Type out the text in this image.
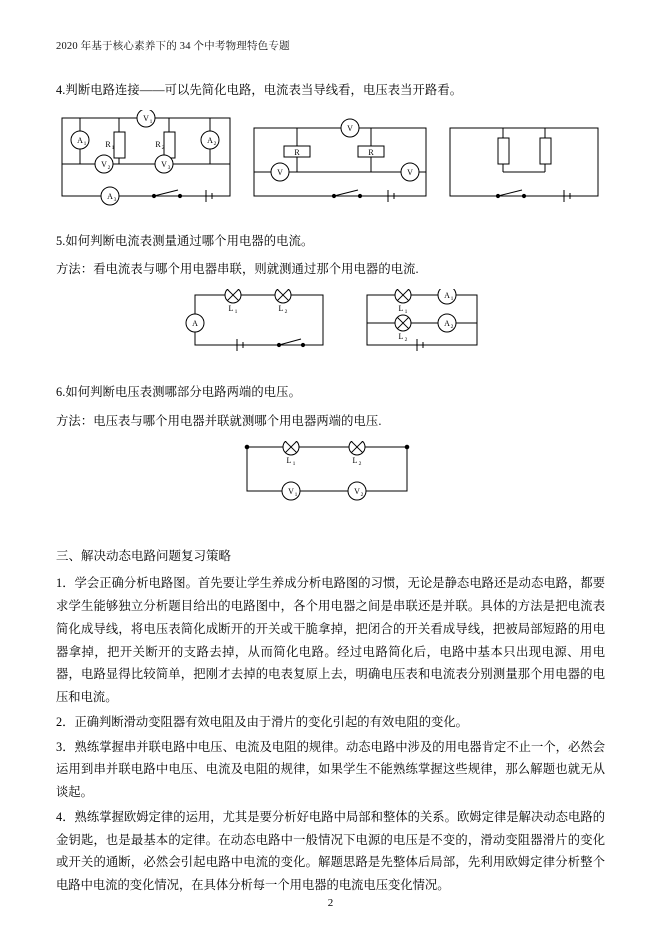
2020 年基于核心素养下的 34 个中考物理特色专题

4.判断电路连接——可以先简化电路，电流表当导线看，电压表当开路看。

A 1
V 1
V 2	V 3
A 2
A 3
R 1	R 2
V
V	V
R	R

5.如何判断电流表测量通过哪个用电器的电流。

方法：看电流表与哪个用电器串联，则就测通过那个用电器的电流.

L 1	L 2
A
A 1
A 2
L 1
L 2

6.如何判断电压表测哪部分电路两端的电压。

方法：电压表与哪个用电器并联就测哪个用电器两端的电压.

L 1	L 2
V 1	V 2

三、解决动态电路问题复习策略

1．学会正确分析电路图。首先要让学生养成分析电路图的习惯，无论是静态电路还是动态电路，都要求学生能够独立分析题目给出的电路图中，各个用电器之间是串联还是并联。具体的方法是把电流表简化成导线，将电压表简化成断开的开关或干脆拿掉，把闭合的开关看成导线，把被局部短路的用电器拿掉，把开关断开的支路去掉，从而简化电路。经过电路简化后，电路中基本只出现电源、用电器，电路显得比较简单，把刚才去掉的电表复原上去，明确电压表和电流表分别测量那个用电器的电压和电流。

2．正确判断滑动变阻器有效电阻及由于滑片的变化引起的有效电阻的变化。

3．熟练掌握串并联电路中电压、电流及电阻的规律。动态电路中涉及的用电器肯定不止一个，必然会运用到串并联电路中电压、电流及电阻的规律，如果学生不能熟练掌握这些规律，那么解题也就无从谈起。

4．熟练掌握欧姆定律的运用，尤其是要分析好电路中局部和整体的关系。欧姆定律是解决动态电路的金钥匙，也是最基本的定律。在动态电路中一般情况下电源的电压是不变的，滑动变阻器滑片的变化或开关的通断，必然会引起电路中电流的变化。解题思路是先整体后局部，先利用欧姆定律分析整个电路中电流的变化情况，在具体分析每一个用电器的电流电压变化情况。

2
